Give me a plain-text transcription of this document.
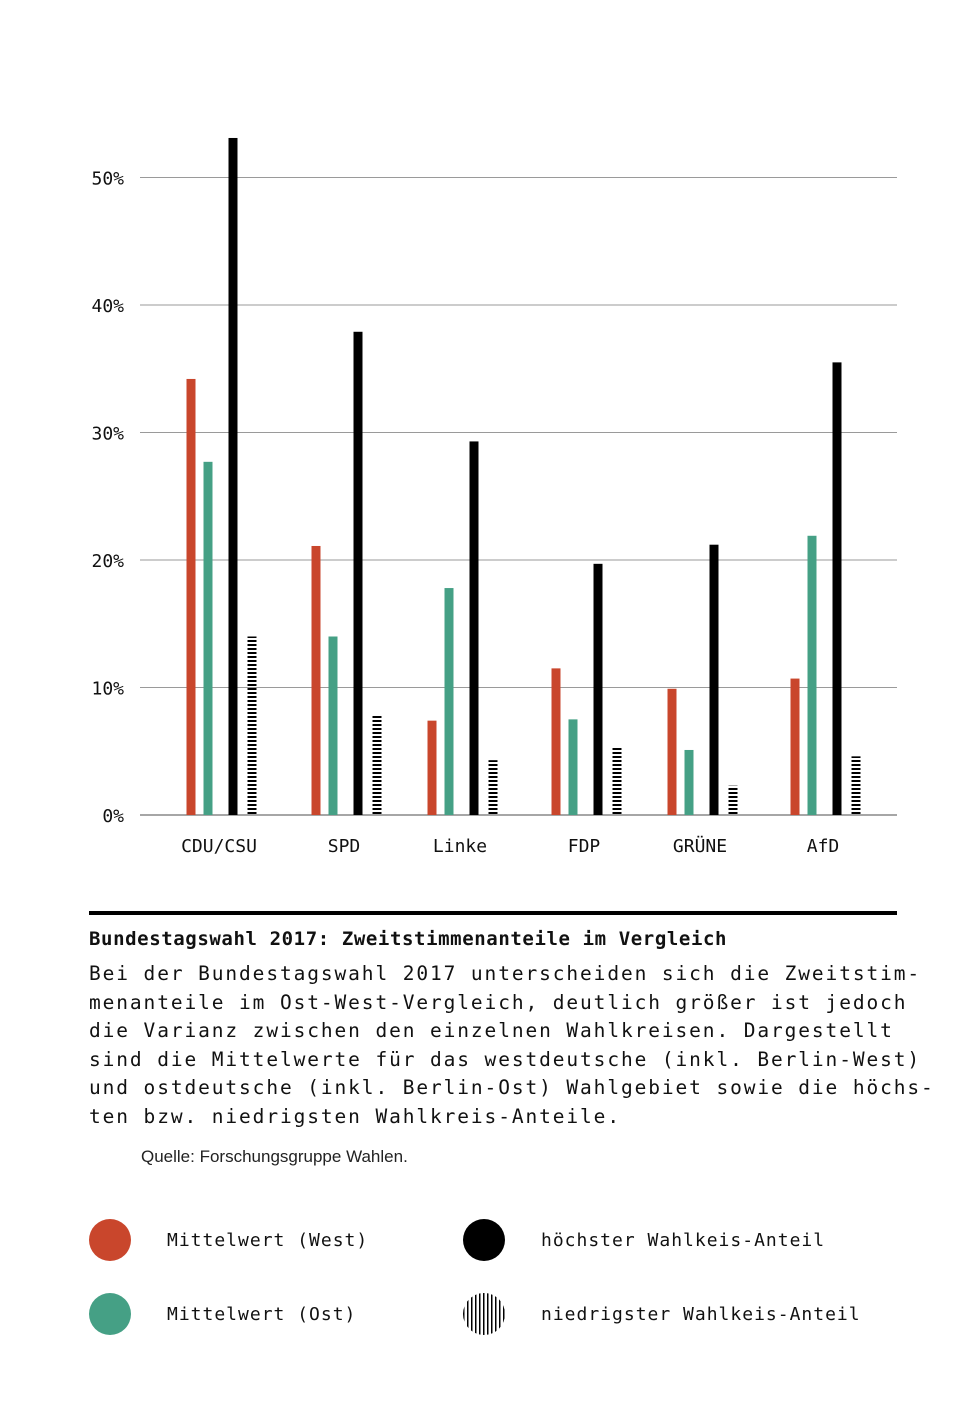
0%
10%
20%
30%
40%
50%
CDU/CSU	SPD	Linke	FDP	GRÜNE	AfD
Bundestagswahl 2017: Zweitstimmenanteile im Vergleich
Bei der Bundestagswahl 2017 unterscheiden sich die Zweitstim-
menanteile im Ost-West-Vergleich, deutlich größer ist jedoch
die Varianz zwischen den einzelnen Wahlkreisen. Dargestellt
sind die Mittelwerte für das westdeutsche (inkl. Berlin-West)
und ostdeutsche (inkl. Berlin-Ost) Wahlgebiet sowie die höchs-
ten bzw. niedrigsten Wahlkreis-Anteile.
Quelle: Forschungsgruppe Wahlen.
Mittelwert (West)
Mittelwert (Ost)
höchster Wahlkeis-Anteil
niedrigster Wahlkeis-Anteil
